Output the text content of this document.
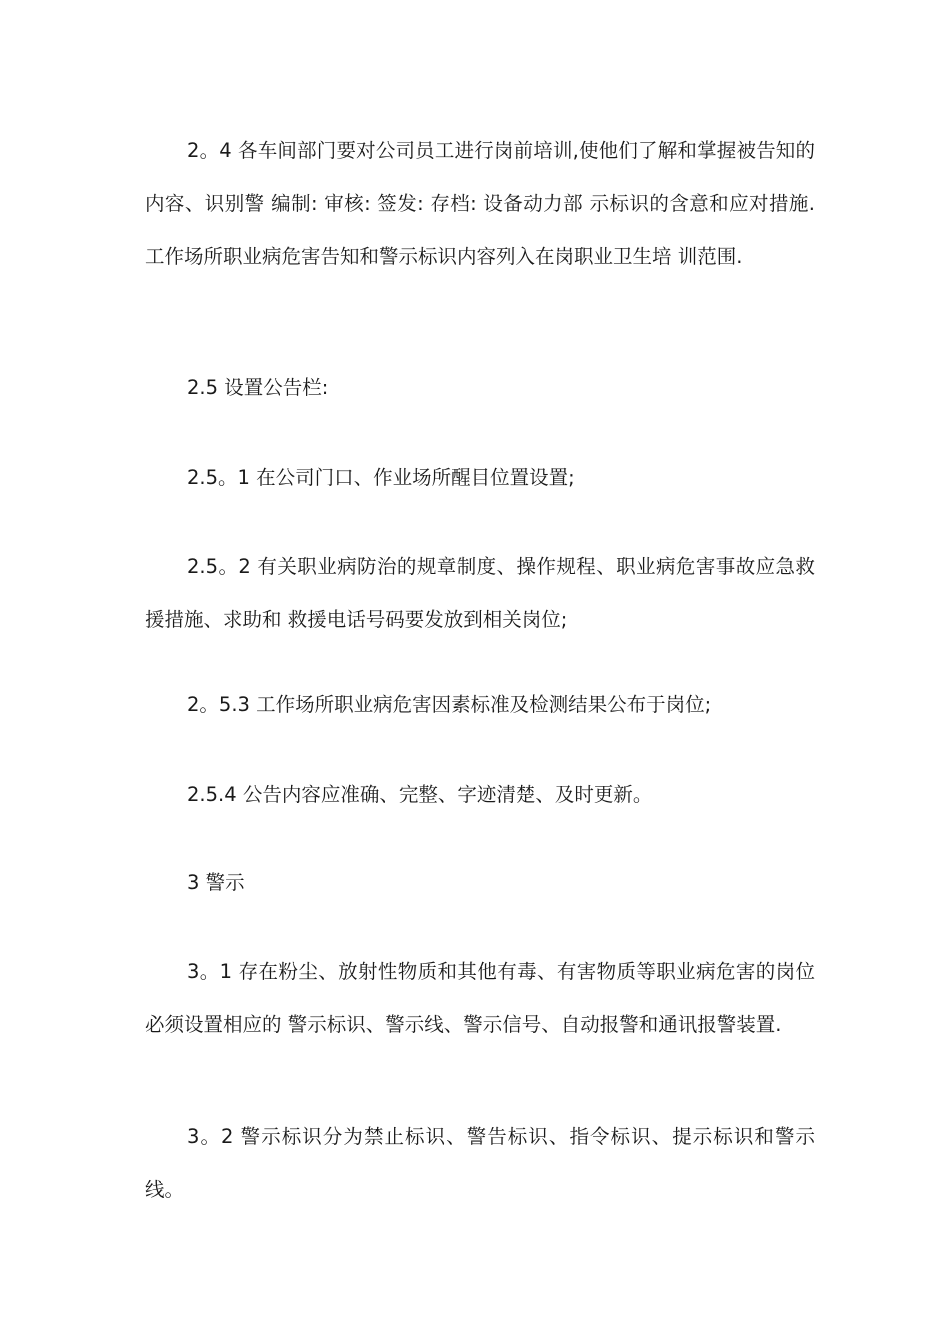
2。4 各车间部门要对公司员工进行岗前培训,使他们了解和掌握被告知的内容、识别警 编制: 审核: 签发: 存档: 设备动力部 示标识的含意和应对措施.工作场所职业病危害告知和警示标识内容列入在岗职业卫生培 训范围.

2.5 设置公告栏:

2.5。1 在公司门口、作业场所醒目位置设置;

2.5。2 有关职业病防治的规章制度、操作规程、职业病危害事故应急救援措施、求助和 救援电话号码要发放到相关岗位;

2。5.3 工作场所职业病危害因素标准及检测结果公布于岗位;

2.5.4 公告内容应准确、完整、字迹清楚、及时更新。

3 警示

3。1 存在粉尘、放射性物质和其他有毒、有害物质等职业病危害的岗位必须设置相应的 警示标识、警示线、警示信号、自动报警和通讯报警装置.

3。2 警示标识分为禁止标识、警告标识、指令标识、提示标识和警示线。
